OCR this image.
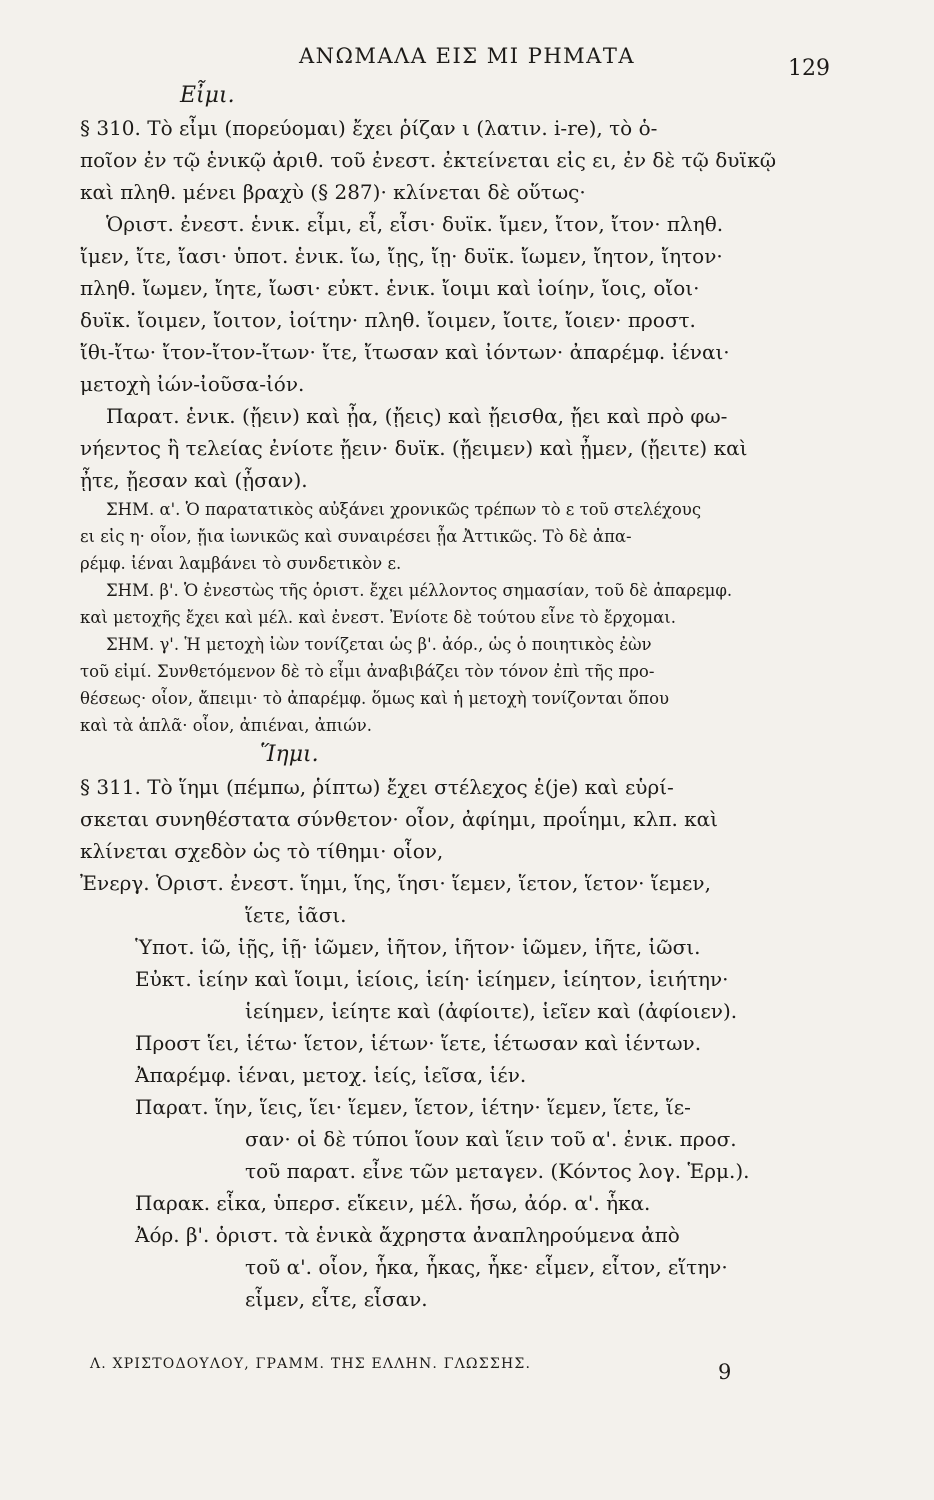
ΑΝΩΜΑΛΑ ΕΙΣ ΜΙ ΡΗΜΑΤΑ	129
Εἶμι.
§ 310. Τὸ εἶμι (πορεύομαι) ἔχει ῥίζαν ι (λατιν. i-re), τὸ ὁ-
ποῖον ἐν τῷ ἑνικῷ ἀριθ. τοῦ ἐνεστ. ἐκτείνεται εἰς ει, ἐν δὲ τῷ δυϊκῷ
καὶ πληθ. μένει βραχὺ (§ 287)· κλίνεται δὲ οὕτως·
Ὁριστ. ἐνεστ. ἑνικ. εἶμι, εἶ, εἶσι· δυϊκ. ἴμεν, ἴτον, ἴτον· πληθ.
ἴμεν, ἴτε, ἴασι· ὑποτ. ἑνικ. ἴω, ἴῃς, ἴῃ· δυϊκ. ἴωμεν, ἴητον, ἴητον·
πληθ. ἴωμεν, ἴητε, ἴωσι· εὐκτ. ἑνικ. ἴοιμι καὶ ἰοίην, ἴοις, οἴοι·
δυϊκ. ἴοιμεν, ἴοιτον, ἰοίτην· πληθ. ἴοιμεν, ἴοιτε, ἴοιεν· προστ.
ἴθι-ἴτω· ἴτον-ἴτον-ἴτων· ἴτε, ἴτωσαν καὶ ἰόντων· ἀπαρέμφ. ἰέναι·
μετοχὴ ἰών-ἰοῦσα-ἰόν.
Παρατ. ἑνικ. (ᾔειν) καὶ ᾖα, (ᾔεις) καὶ ᾔεισθα, ᾔει καὶ πρὸ φω-
νήεντος ἢ τελείας ἐνίοτε ᾔειν· δυϊκ. (ᾔειμεν) καὶ ᾖμεν, (ᾔειτε) καὶ
ᾖτε, ᾔεσαν καὶ (ᾖσαν).
ΣΗΜ. α'. Ὁ παρατατικὸς αὐξάνει χρονικῶς τρέπων τὸ ε τοῦ στελέχους
ει εἰς η· οἷον, ᾔια ἰωνικῶς καὶ συναιρέσει ᾖα Ἀττικῶς. Τὸ δὲ ἀπα-
ρέμφ. ἰέναι λαμβάνει τὸ συνδετικὸν ε.
ΣΗΜ. β'. Ὁ ἐνεστὼς τῆς ὁριστ. ἔχει μέλλοντος σημασίαν, τοῦ δὲ ἀπαρεμφ.
καὶ μετοχῆς ἔχει καὶ μέλ. καὶ ἐνεστ. Ἐνίοτε δὲ τούτου εἶνε τὸ ἔρχομαι.
ΣΗΜ. γ'. Ἡ μετοχὴ ἰὼν τονίζεται ὡς β'. ἀόρ., ὡς ὁ ποιητικὸς ἐὼν
τοῦ εἰμί. Συνθετόμενον δὲ τὸ εἶμι ἀναβιβάζει τὸν τόνον ἐπὶ τῆς προ-
θέσεως· οἷον, ἄπειμι· τὸ ἀπαρέμφ. ὅμως καὶ ἡ μετοχὴ τονίζονται ὅπου
καὶ τὰ ἁπλᾶ· οἷον, ἀπιέναι, ἀπιών.
Ἵημι.
§ 311. Τὸ ἵημι (πέμπω, ῥίπτω) ἔχει στέλεχος ἑ(je) καὶ εὑρί-
σκεται συνηθέστατα σύνθετον· οἷον, ἀφίημι, προΐημι, κλπ. καὶ
κλίνεται σχεδὸν ὡς τὸ τίθημι· οἷον,
Ἐνεργ. Ὁριστ. ἐνεστ. ἵημι, ἵης, ἵησι· ἵεμεν, ἵετον, ἵετον· ἵεμεν,
ἵετε, ἱᾶσι.
Ὑποτ. ἱῶ, ἱῇς, ἱῇ· ἱῶμεν, ἱῆτον, ἱῆτον· ἱῶμεν, ἱῆτε, ἱῶσι.
Εὐκτ. ἱείην καὶ ἵοιμι, ἱείοις, ἱείη· ἱείημεν, ἱείητον, ἱειήτην·
ἱείημεν, ἱείητε καὶ (ἀφίοιτε), ἱεῖεν καὶ (ἀφίοιεν).
Προστ ἵει, ἱέτω· ἵετον, ἱέτων· ἵετε, ἱέτωσαν καὶ ἱέντων.
Ἀπαρέμφ. ἱέναι, μετοχ. ἱείς, ἱεῖσα, ἱέν.
Παρατ. ἵην, ἵεις, ἵει· ἵεμεν, ἵετον, ἱέτην· ἵεμεν, ἵετε, ἵε-
σαν· οἱ δὲ τύποι ἵουν καὶ ἵειν τοῦ α'. ἑνικ. προσ.
τοῦ παρατ. εἶνε τῶν μεταγεν. (Κόντος λογ. Ἑρμ.).
Παρακ. εἷκα, ὑπερσ. εἵκειν, μέλ. ἥσω, ἀόρ. α'. ἧκα.
Ἀόρ. β'. ὁριστ. τὰ ἑνικὰ ἄχρηστα ἀναπληρούμενα ἀπὸ
τοῦ α'. οἷον, ἧκα, ἧκας, ἧκε· εἷμεν, εἷτον, εἵτην·
εἷμεν, εἷτε, εἷσαν.
Λ. ΧΡΙΣΤΟΔΟΥΛΟΥ, ΓΡΑΜΜ. ΤΗΣ ΕΛΛΗΝ. ΓΛΩΣΣΗΣ.	9
